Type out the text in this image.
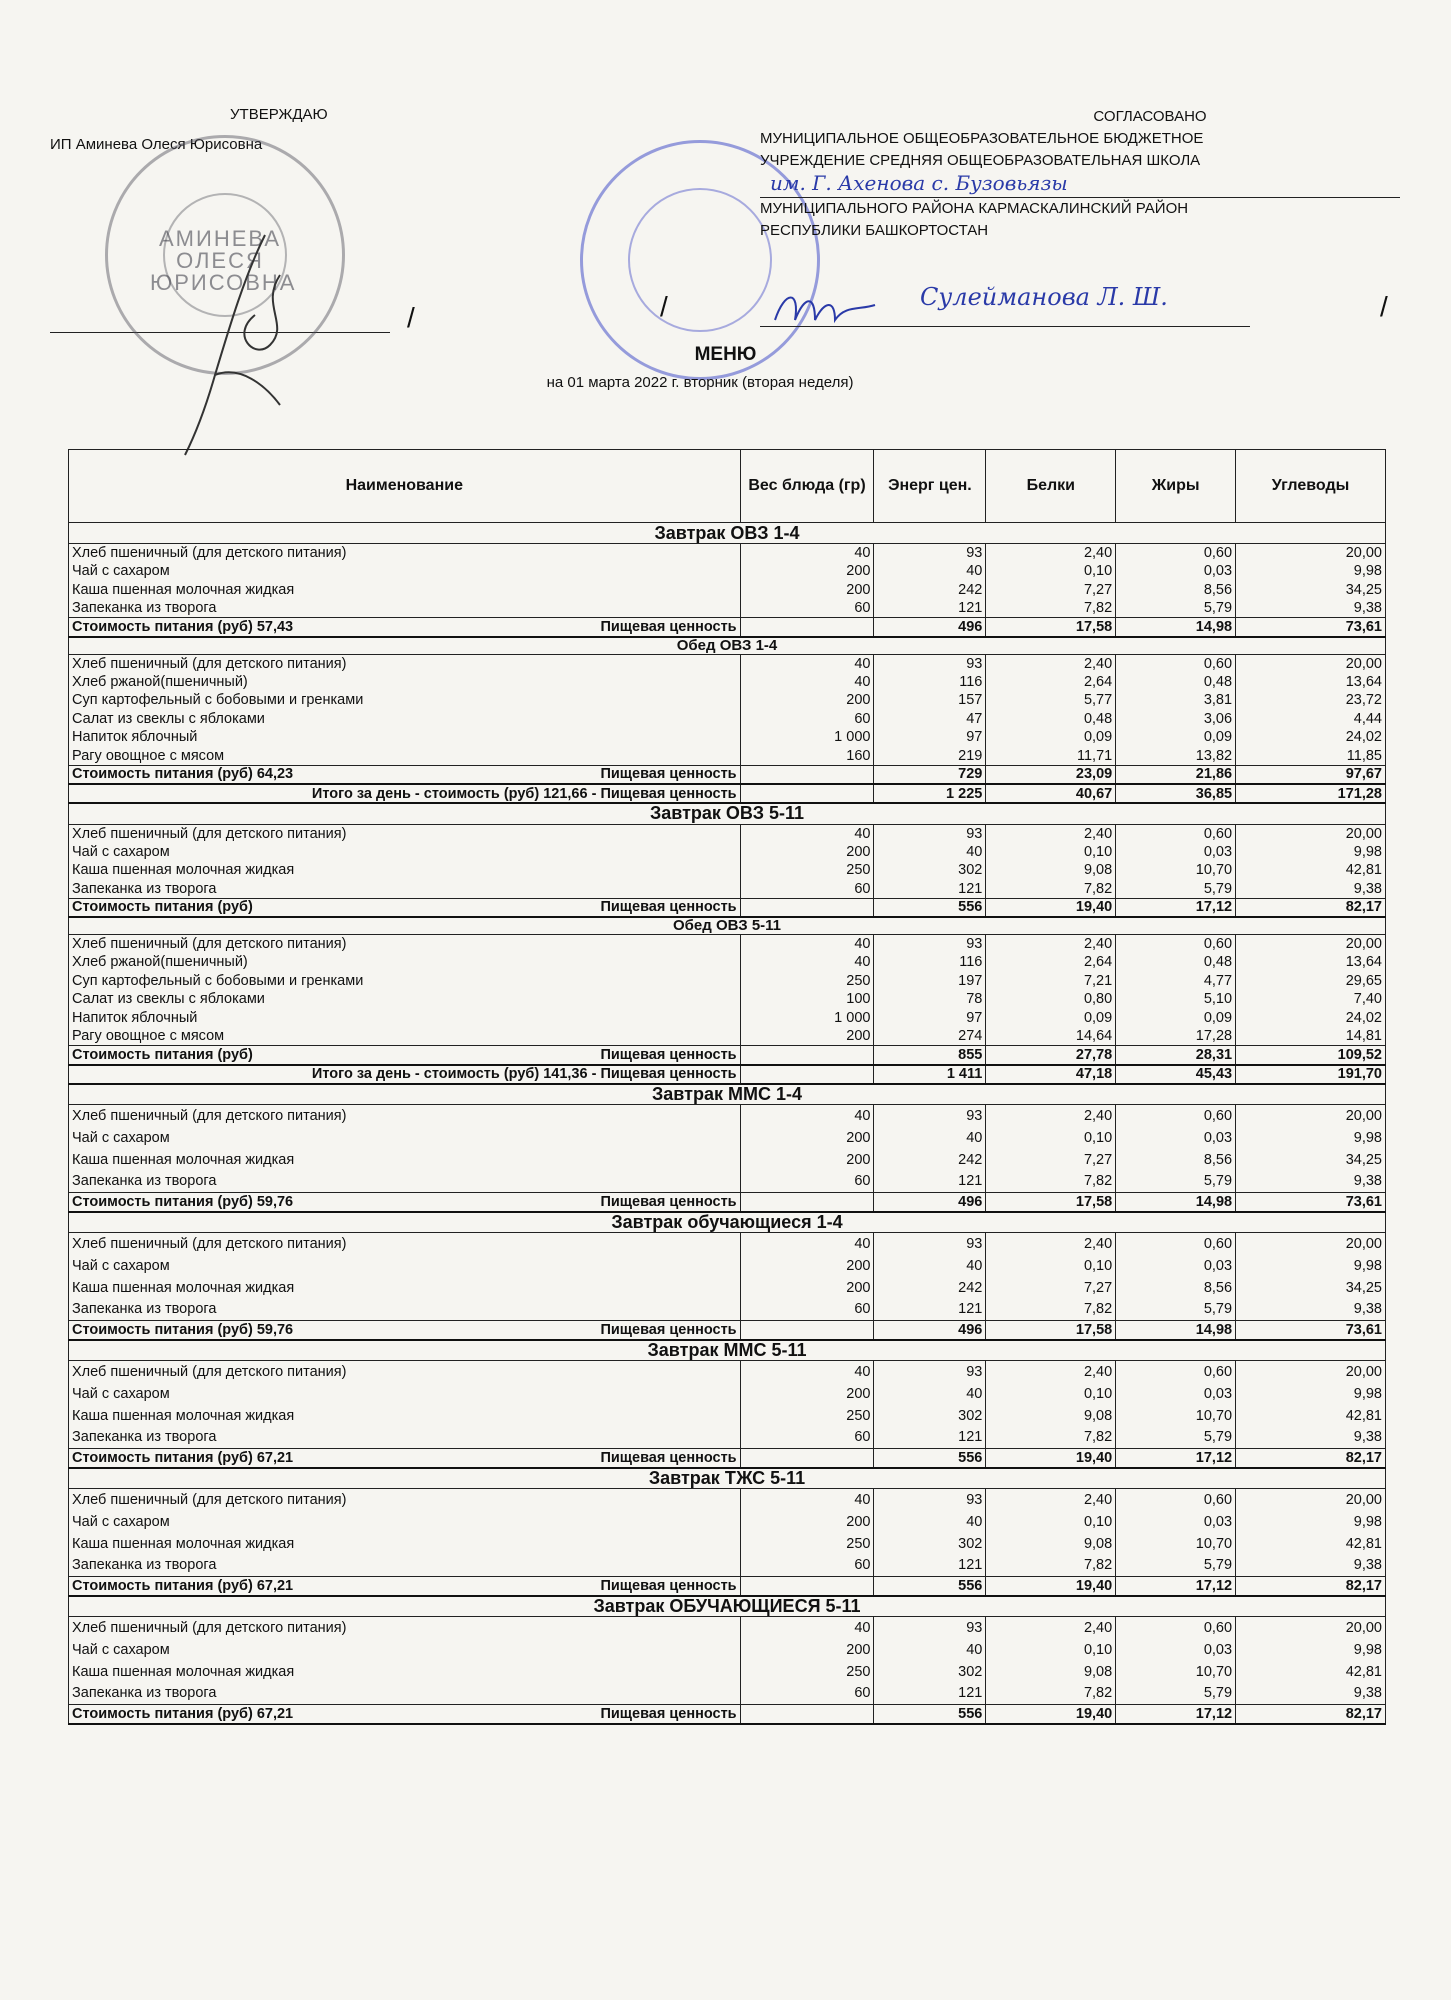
УТВЕРЖДАЮ
ИП Аминева Олеся Юрисовна
/
АМИНЕВА ОЛЕСЯ ЮРИСОВНА
СОГЛАСОВАНО
МУНИЦИПАЛЬНОЕ ОБЩЕОБРАЗОВАТЕЛЬНОЕ БЮДЖЕТНОЕ
УЧРЕЖДЕНИЕ СРЕДНЯЯ ОБЩЕОБРАЗОВАТЕЛЬНАЯ ШКОЛА
им. Г. Ахенова с. Бузовьязы
МУНИЦИПАЛЬНОГО РАЙОНА КАРМАСКАЛИНСКИЙ РАЙОН
РЕСПУБЛИКИ БАШКОРТОСТАН
Сулейманова Л. Ш.
/	/
МЕНЮ
на 01 марта 2022 г. вторник (вторая неделя)
Наименование	Вес блюда (гр)	Энерг цен.	Белки	Жиры	Углеводы
Завтрак ОВЗ 1-4					
Хлеб пшеничный (для детского питания)	40	93	2,40	0,60	20,00
Чай с сахаром	200	40	0,10	0,03	9,98
Каша пшенная молочная жидкая	200	242	7,27	8,56	34,25
Запеканка из творога	60	121	7,82	5,79	9,38

Стоимость питания (руб) 57,43 Пищевая ценность		496	17,58	14,98	73,61
Обед ОВЗ 1-4					
Хлеб пшеничный (для детского питания)	40	93	2,40	0,60	20,00
Хлеб ржаной(пшеничный)	40	116	2,64	0,48	13,64
Суп картофельный с бобовыми и гренками	200	157	5,77	3,81	23,72
Салат из свеклы с яблоками	60	47	0,48	3,06	4,44
Напиток яблочный	1 000	97	0,09	0,09	24,02
Рагу овощное с мясом	160	219	11,71	13,82	11,85

Стоимость питания (руб) 64,23 Пищевая ценность		729	23,09	21,86	97,67
Итого за день - стоимость (руб) 121,66 - Пищевая ценность		1 225	40,67	36,85	171,28
Завтрак ОВЗ 5-11					
Хлеб пшеничный (для детского питания)	40	93	2,40	0,60	20,00
Чай с сахаром	200	40	0,10	0,03	9,98
Каша пшенная молочная жидкая	250	302	9,08	10,70	42,81
Запеканка из творога	60	121	7,82	5,79	9,38

Стоимость питания (руб) Пищевая ценность		556	19,40	17,12	82,17
Обед ОВЗ 5-11					
Хлеб пшеничный (для детского питания)	40	93	2,40	0,60	20,00
Хлеб ржаной(пшеничный)	40	116	2,64	0,48	13,64
Суп картофельный с бобовыми и гренками	250	197	7,21	4,77	29,65
Салат из свеклы с яблоками	100	78	0,80	5,10	7,40
Напиток яблочный	1 000	97	0,09	0,09	24,02
Рагу овощное с мясом	200	274	14,64	17,28	14,81

Стоимость питания (руб) Пищевая ценность		855	27,78	28,31	109,52
Итого за день - стоимость (руб) 141,36 - Пищевая ценность		1 411	47,18	45,43	191,70
Завтрак ММС 1-4					
Хлеб пшеничный (для детского питания)	40	93	2,40	0,60	20,00
Чай с сахаром	200	40	0,10	0,03	9,98
Каша пшенная молочная жидкая	200	242	7,27	8,56	34,25
Запеканка из творога	60	121	7,82	5,79	9,38

Стоимость питания (руб) 59,76 Пищевая ценность		496	17,58	14,98	73,61
Завтрак обучающиеся 1-4					
Хлеб пшеничный (для детского питания)	40	93	2,40	0,60	20,00
Чай с сахаром	200	40	0,10	0,03	9,98
Каша пшенная молочная жидкая	200	242	7,27	8,56	34,25
Запеканка из творога	60	121	7,82	5,79	9,38

Стоимость питания (руб) 59,76 Пищевая ценность		496	17,58	14,98	73,61
Завтрак ММС 5-11					
Хлеб пшеничный (для детского питания)	40	93	2,40	0,60	20,00
Чай с сахаром	200	40	0,10	0,03	9,98
Каша пшенная молочная жидкая	250	302	9,08	10,70	42,81
Запеканка из творога	60	121	7,82	5,79	9,38

Стоимость питания (руб) 67,21 Пищевая ценность		556	19,40	17,12	82,17
Завтрак ТЖС 5-11					
Хлеб пшеничный (для детского питания)	40	93	2,40	0,60	20,00
Чай с сахаром	200	40	0,10	0,03	9,98
Каша пшенная молочная жидкая	250	302	9,08	10,70	42,81
Запеканка из творога	60	121	7,82	5,79	9,38

Стоимость питания (руб) 67,21 Пищевая ценность		556	19,40	17,12	82,17
Завтрак ОБУЧАЮЩИЕСЯ 5-11					
Хлеб пшеничный (для детского питания)	40	93	2,40	0,60	20,00
Чай с сахаром	200	40	0,10	0,03	9,98
Каша пшенная молочная жидкая	250	302	9,08	10,70	42,81
Запеканка из творога	60	121	7,82	5,79	9,38

Стоимость питания (руб) 67,21 Пищевая ценность		556	19,40	17,12	82,17
